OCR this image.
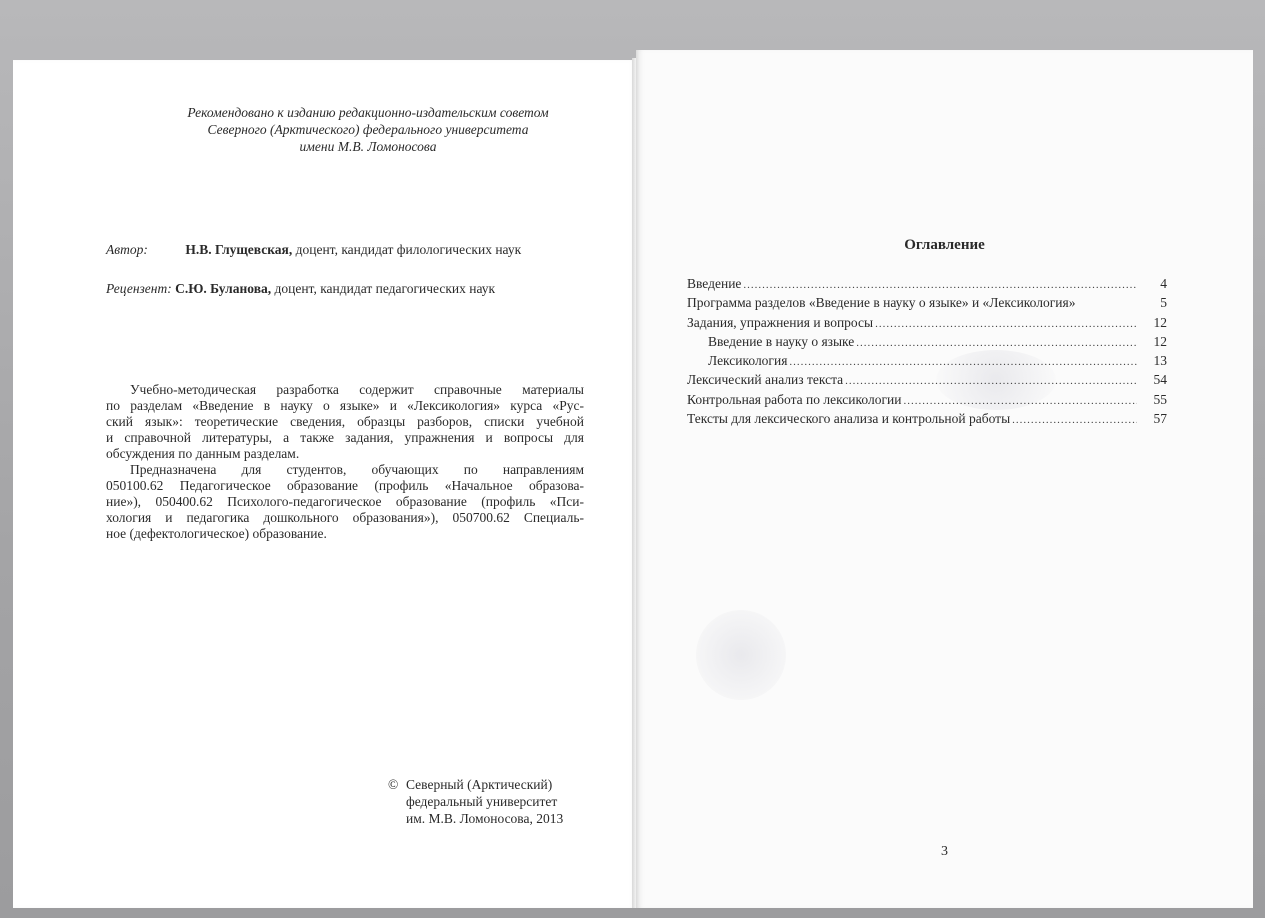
Рекомендовано к изданию редакционно-издательским советом
Северного (Арктического) федерального университета
имени М.В. Ломоносова
Автор:	Н.В. Глущевская, доцент, кандидат филологических наук
Рецензент: С.Ю. Буланова, доцент, кандидат педагогических наук
Учебно-методическая разработка содержит справочные материалы
по разделам «Введение в науку о языке» и «Лексикология» курса «Рус-
ский язык»: теоретические сведения, образцы разборов, списки учебной
и справочной литературы, а также задания, упражнения и вопросы для
обсуждения по данным разделам.
Предназначена для студентов, обучающих по направлениям
050100.62 Педагогическое образование (профиль «Начальное образова-
ние»), 050400.62 Психолого-педагогическое образование (профиль «Пси-
хология и педагогика дошкольного образования»), 050700.62 Специаль-
ное (дефектологическое) образование.
© Северный (Арктический)
федеральный университет
им. М.В. Ломоносова, 2013
Оглавление
Введение .....	4
Программа разделов «Введение в науку о языке» и «Лексикология»	5
Задания, упражнения и вопросы .....	12
Введение в науку о языке .....	12
Лексикология .....	13
Лексический анализ текста .....	54
Контрольная работа по лексикологии .....	55
Тексты для лексического анализа и контрольной работы .....	57
3
